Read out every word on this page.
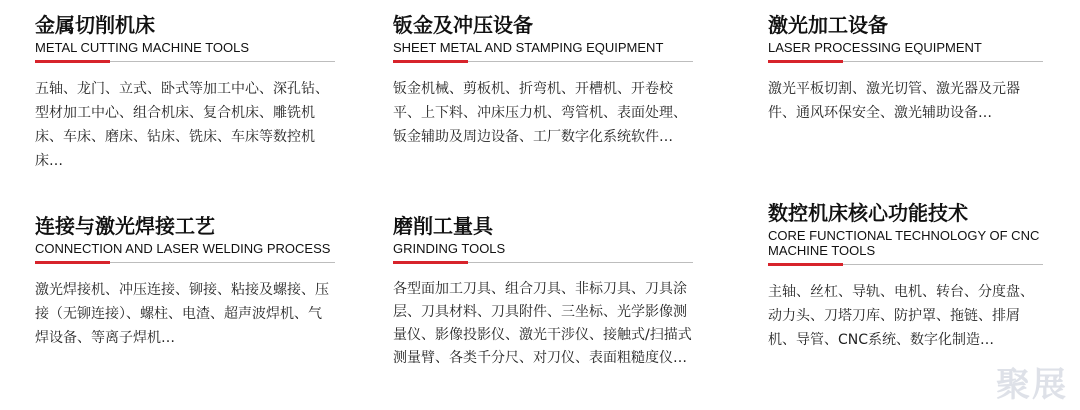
金属切削机床
METAL CUTTING MACHINE TOOLS
五轴、龙门、立式、卧式等加工中心、深孔钻、型材加工中心、组合机床、复合机床、雕铣机床、车床、磨床、钻床、铣床、车床等数控机床…
钣金及冲压设备
SHEET METAL AND STAMPING EQUIPMENT
钣金机械、剪板机、折弯机、开槽机、开卷校平、上下料、冲床压力机、弯管机、表面处理、钣金辅助及周边设备、工厂数字化系统软件…
激光加工设备
LASER PROCESSING EQUIPMENT
激光平板切割、激光切管、激光器及元器件、通风环保安全、激光辅助设备…
连接与激光焊接工艺
CONNECTION AND LASER WELDING PROCESS
激光焊接机、冲压连接、铆接、粘接及螺接、压接（无铆连接）、螺柱、电渣、超声波焊机、气焊设备、等离子焊机…
磨削工量具
GRINDING TOOLS
各型面加工刀具、组合刀具、非标刀具、刀具涂层、刀具材料、刀具附件、三坐标、光学影像测量仪、影像投影仪、激光干涉仪、接触式/扫描式测量臂、各类千分尺、对刀仪、表面粗糙度仪…
数控机床核心功能技术
CORE FUNCTIONAL TECHNOLOGY OF CNC
MACHINE TOOLS
主轴、丝杠、导轨、电机、转台、分度盘、动力头、刀塔刀库、防护罩、拖链、排屑机、导管、CNC系统、数字化制造…
聚展
